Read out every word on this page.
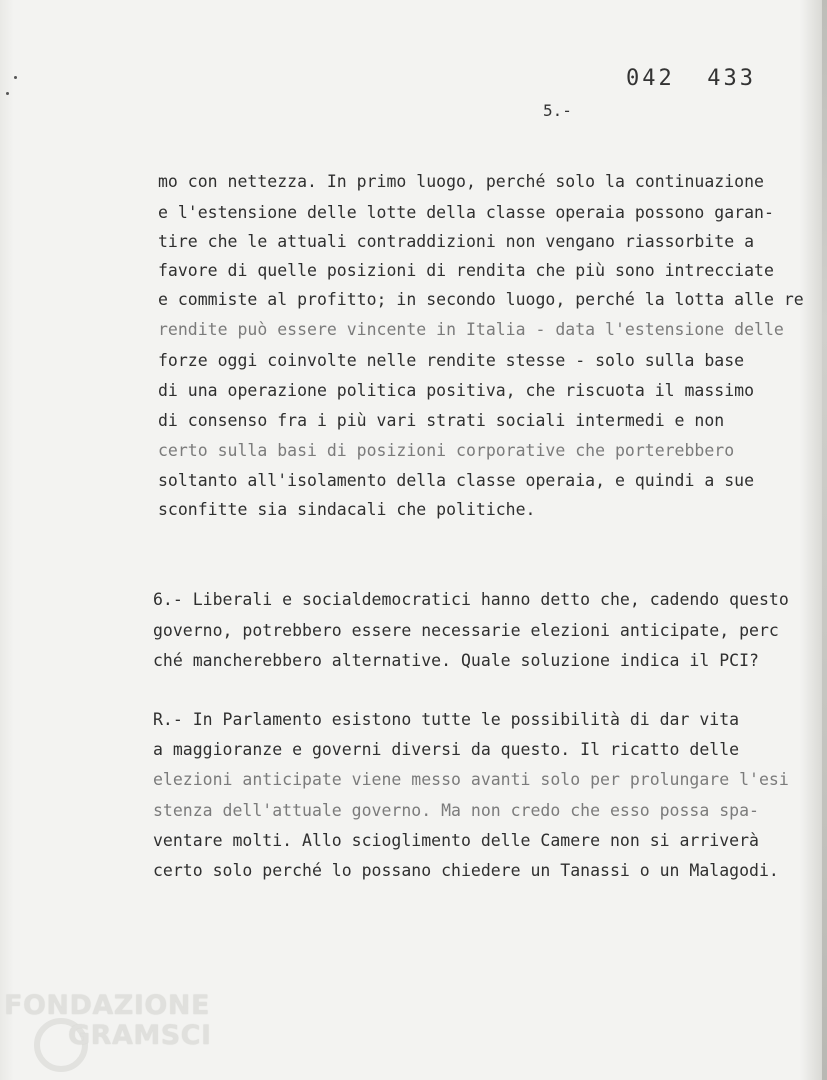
042  433
5.-
mo con nettezza. In primo luogo, perché solo la continuazione
e l'estensione delle lotte della classe operaia possono garan-
tire che le attuali contraddizioni non vengano riassorbite a
favore di quelle posizioni di rendita che più sono intrecciate
e commiste al profitto; in secondo luogo, perché la lotta alle re
rendite può essere vincente in Italia - data l'estensione delle
forze oggi coinvolte nelle rendite stesse - solo sulla base
di una operazione politica positiva, che riscuota il massimo
di consenso fra i più vari strati sociali intermedi e non
certo sulla basi di posizioni corporative che porterebbero
soltanto all'isolamento della classe operaia, e quindi a sue
sconfitte sia sindacali che politiche.
6.- Liberali e socialdemocratici hanno detto che, cadendo questo
governo, potrebbero essere necessarie elezioni anticipate, perc
ché mancherebbero alternative. Quale soluzione indica il PCI?
R.- In Parlamento esistono tutte le possibilità di dar vita
a maggioranze e governi diversi da questo. Il ricatto delle
elezioni anticipate viene messo avanti solo per prolungare l'esi
stenza dell'attuale governo. Ma non credo che esso possa spa-
ventare molti. Allo scioglimento delle Camere non si arriverà
certo solo perché lo possano chiedere un Tanassi o un Malagodi.
FONDAZIONE
GRAMSCI
